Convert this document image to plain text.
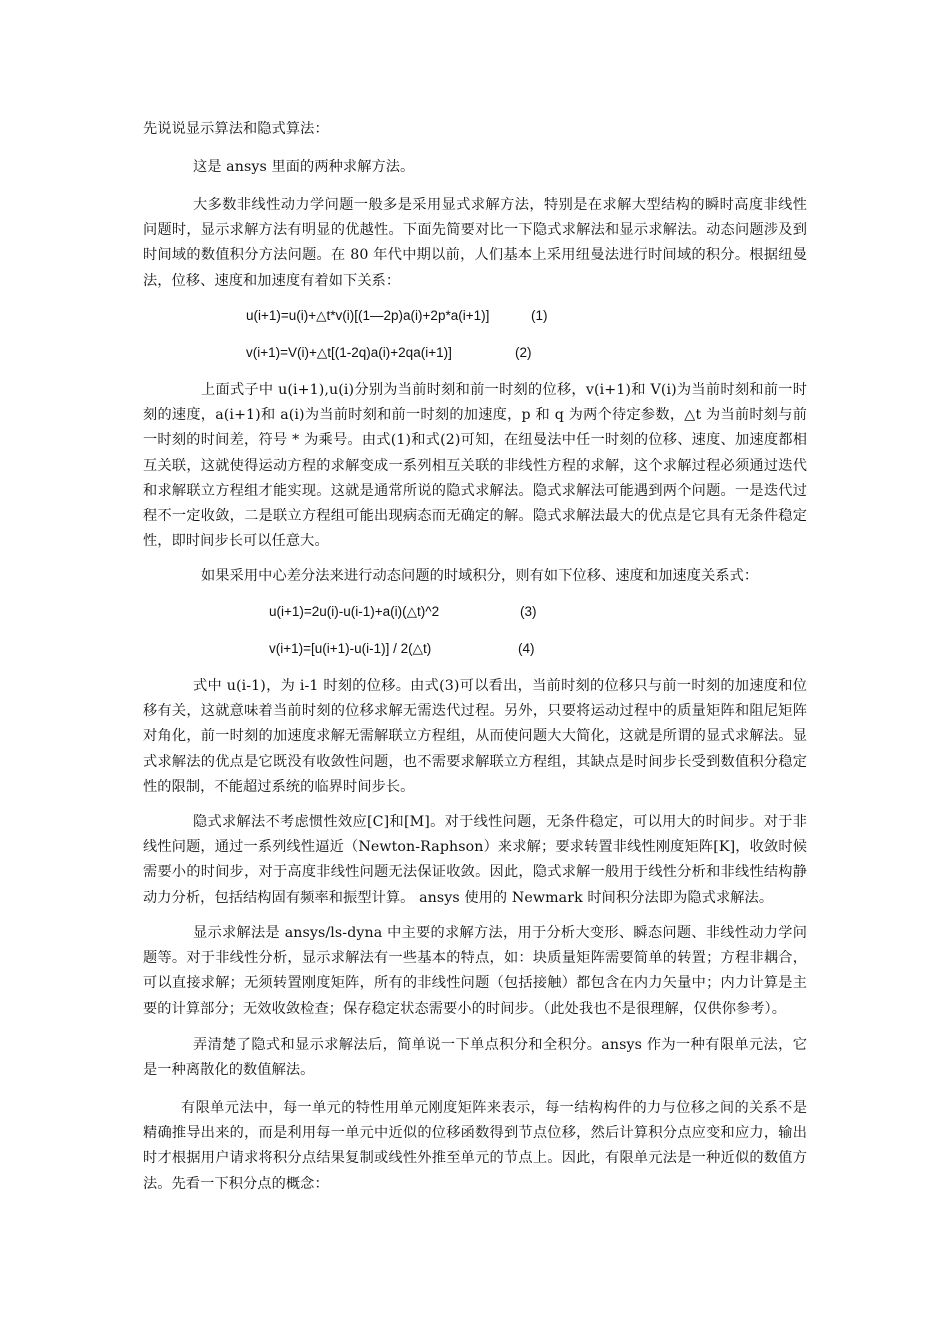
先说说显示算法和隐式算法：

这是 ansys 里面的两种求解方法。

大多数非线性动力学问题一般多是采用显式求解方法，特别是在求解大型结构的瞬时高度非线性问题时，显示求解方法有明显的优越性。下面先简要对比一下隐式求解法和显示求解法。动态问题涉及到时间域的数值积分方法问题。在 80 年代中期以前，人们基本上采用纽曼法进行时间域的积分。根据纽曼法，位移、速度和加速度有着如下关系：

u(i+1)=u(i)+△t*v(i)[(1—2p)a(i)+2p*a(i+1)]	(1)
v(i+1)=V(i)+△t[(1-2q)a(i)+2qa(i+1)]	(2)

上面式子中 u(i+1),u(i)分别为当前时刻和前一时刻的位移，v(i+1)和 V(i)为当前时刻和前一时刻的速度，a(i+1)和 a(i)为当前时刻和前一时刻的加速度，p 和 q 为两个待定参数，△t 为当前时刻与前一时刻的时间差，符号 * 为乘号。由式(1)和式(2)可知，在纽曼法中任一时刻的位移、速度、加速度都相互关联，这就使得运动方程的求解变成一系列相互关联的非线性方程的求解，这个求解过程必须通过迭代和求解联立方程组才能实现。这就是通常所说的隐式求解法。隐式求解法可能遇到两个问题。一是迭代过程不一定收敛，二是联立方程组可能出现病态而无确定的解。隐式求解法最大的优点是它具有无条件稳定性，即时间步长可以任意大。

如果采用中心差分法来进行动态问题的时域积分，则有如下位移、速度和加速度关系式：

u(i+1)=2u(i)-u(i-1)+a(i)(△t)^2	(3)
v(i+1)=[u(i+1)-u(i-1)] / 2(△t)	(4)

式中 u(i-1)，为 i-1 时刻的位移。由式(3)可以看出，当前时刻的位移只与前一时刻的加速度和位移有关，这就意味着当前时刻的位移求解无需迭代过程。另外，只要将运动过程中的质量矩阵和阻尼矩阵对角化，前一时刻的加速度求解无需解联立方程组，从而使问题大大简化，这就是所谓的显式求解法。显式求解法的优点是它既没有收敛性问题，也不需要求解联立方程组，其缺点是时间步长受到数值积分稳定性的限制，不能超过系统的临界时间步长。

隐式求解法不考虑惯性效应[C]和[M]。对于线性问题，无条件稳定，可以用大的时间步。对于非线性问题，通过一系列线性逼近（Newton-Raphson）来求解；要求转置非线性刚度矩阵[K]，收敛时候需要小的时间步，对于高度非线性问题无法保证收敛。因此，隐式求解一般用于线性分析和非线性结构静动力分析，包括结构固有频率和振型计算。 ansys 使用的 Newmark 时间积分法即为隐式求解法。

显示求解法是 ansys/ls-dyna 中主要的求解方法，用于分析大变形、瞬态问题、非线性动力学问题等。对于非线性分析，显示求解法有一些基本的特点，如：块质量矩阵需要简单的转置；方程非耦合，可以直接求解；无须转置刚度矩阵，所有的非线性问题（包括接触）都包含在内力矢量中；内力计算是主要的计算部分；无效收敛检查；保存稳定状态需要小的时间步。（此处我也不是很理解，仅供你参考）。

弄清楚了隐式和显示求解法后，简单说一下单点积分和全积分。ansys 作为一种有限单元法，它是一种离散化的数值解法。

有限单元法中，每一单元的特性用单元刚度矩阵来表示，每一结构构件的力与位移之间的关系不是精确推导出来的，而是利用每一单元中近似的位移函数得到节点位移，然后计算积分点应变和应力，输出时才根据用户请求将积分点结果复制或线性外推至单元的节点上。因此，有限单元法是一种近似的数值方法。先看一下积分点的概念：
